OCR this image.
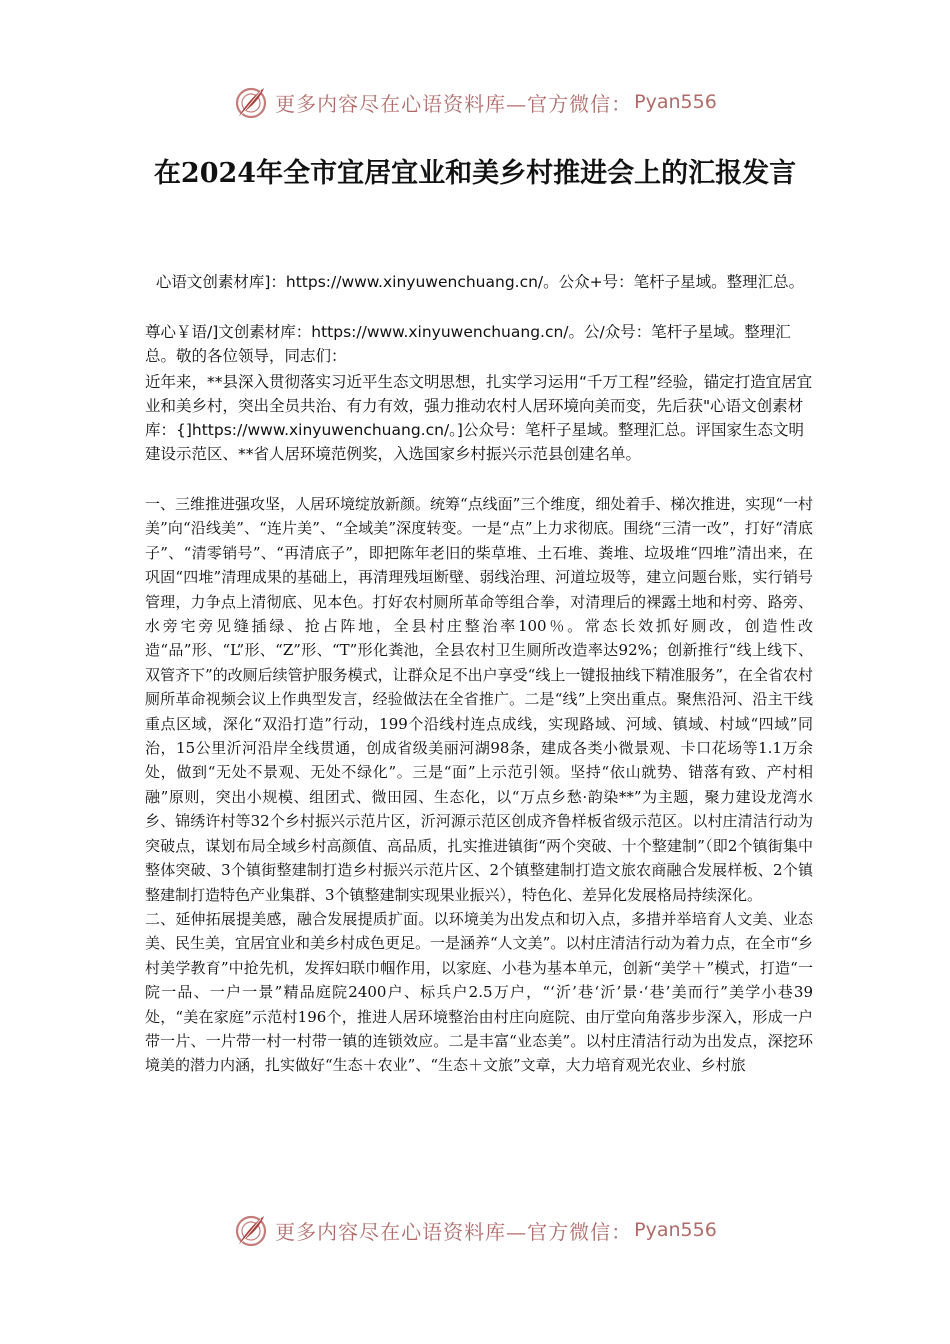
更多内容尽在心语资料库—官方微信： Pyan556
在2024年全市宜居宜业和美乡村推进会上的汇报发言
心语文创素材库]：https://www.xinyuwenchuang.cn/。公众+号：笔杆子星域。整理汇总。
尊心￥语/]文创素材库：https://www.xinyuwenchuang.cn/。公/众号：笔杆子星域。整理汇总。敬的各位领导，同志们：
近年来，**县深入贯彻落实习近平生态文明思想，扎实学习运用“千万工程”经验，锚定打造宜居宜业和美乡村，突出全员共治、有力有效，强力推动农村人居环境向美而变，先后获"心语文创素材库：{]https://www.xinyuwenchuang.cn/。]公众号：笔杆子星域。整理汇总。评国家生态文明建设示范区、**省人居环境范例奖，入选国家乡村振兴示范县创建名单。

一、三维推进强攻坚，人居环境绽放新颜。统筹“点线面”三个维度，细处着手、梯次推进，实现“一村美”向“沿线美”、“连片美”、“全域美”深度转变。一是“点”上力求彻底。围绕“三清一改”，打好“清底子”、“清零销号”、“再清底子”，即把陈年老旧的柴草堆、土石堆、粪堆、垃圾堆“四堆”清出来，在巩固“四堆”清理成果的基础上，再清理残垣断壁、弱线治理、河道垃圾等，建立问题台账，实行销号管理，力争点上清彻底、见本色。打好农村厕所革命等组合拳，对清理后的裸露土地和村旁、路旁、水旁宅旁见缝插绿、抢占阵地，全县村庄整治率100％。常态长效抓好厕改，创造性改造“品”形、“L”形、“Z”形、“T”形化粪池，全县农村卫生厕所改造率达92%；创新推行“线上线下、双管齐下”的改厕后续管护服务模式，让群众足不出户享受“线上一键报抽线下精准服务”，在全省农村厕所革命视频会议上作典型发言，经验做法在全省推广。二是“线”上突出重点。聚焦沿河、沿主干线重点区域，深化“双沿打造”行动，199个沿线村连点成线，实现路域、河域、镇域、村域“四域”同治，15公里沂河沿岸全线贯通，创成省级美丽河湖98条，建成各类小微景观、卡口花场等1.1万余处，做到“无处不景观、无处不绿化”。三是“面”上示范引领。坚持“依山就势、错落有致、产村相融”原则，突出小规模、组团式、微田园、生态化，以“万点乡愁·韵染**”为主题，聚力建设龙湾水乡、锦绣许村等32个乡村振兴示范片区，沂河源示范区创成齐鲁样板省级示范区。以村庄清洁行动为突破点，谋划布局全域乡村高颜值、高品质，扎实推进镇街“两个突破、十个整建制”（即2个镇街集中整体突破、3个镇街整建制打造乡村振兴示范片区、2个镇整建制打造文旅农商融合发展样板、2个镇整建制打造特色产业集群、3个镇整建制实现果业振兴），特色化、差异化发展格局持续深化。

二、延伸拓展提美感，融合发展提质扩面。以环境美为出发点和切入点，多措并举培育人文美、业态美、民生美，宜居宜业和美乡村成色更足。一是涵养“人文美”。以村庄清洁行动为着力点，在全市“乡村美学教育”中抢先机，发挥妇联巾帼作用，以家庭、小巷为基本单元，创新“美学＋”模式，打造“一院一品、一户一景”精品庭院2400户、标兵户2.5万户，“‘沂’巷‘沂’景·‘巷’美而行”美学小巷39处，“美在家庭”示范村196个，推进人居环境整治由村庄向庭院、由厅堂向角落步步深入，形成一户带一片、一片带一村一村带一镇的连锁效应。二是丰富“业态美”。以村庄清洁行动为出发点，深挖环境美的潜力内涵，扎实做好“生态＋农业”、“生态＋文旅”文章，大力培育观光农业、乡村旅

更多内容尽在心语资料库—官方微信： Pyan556
